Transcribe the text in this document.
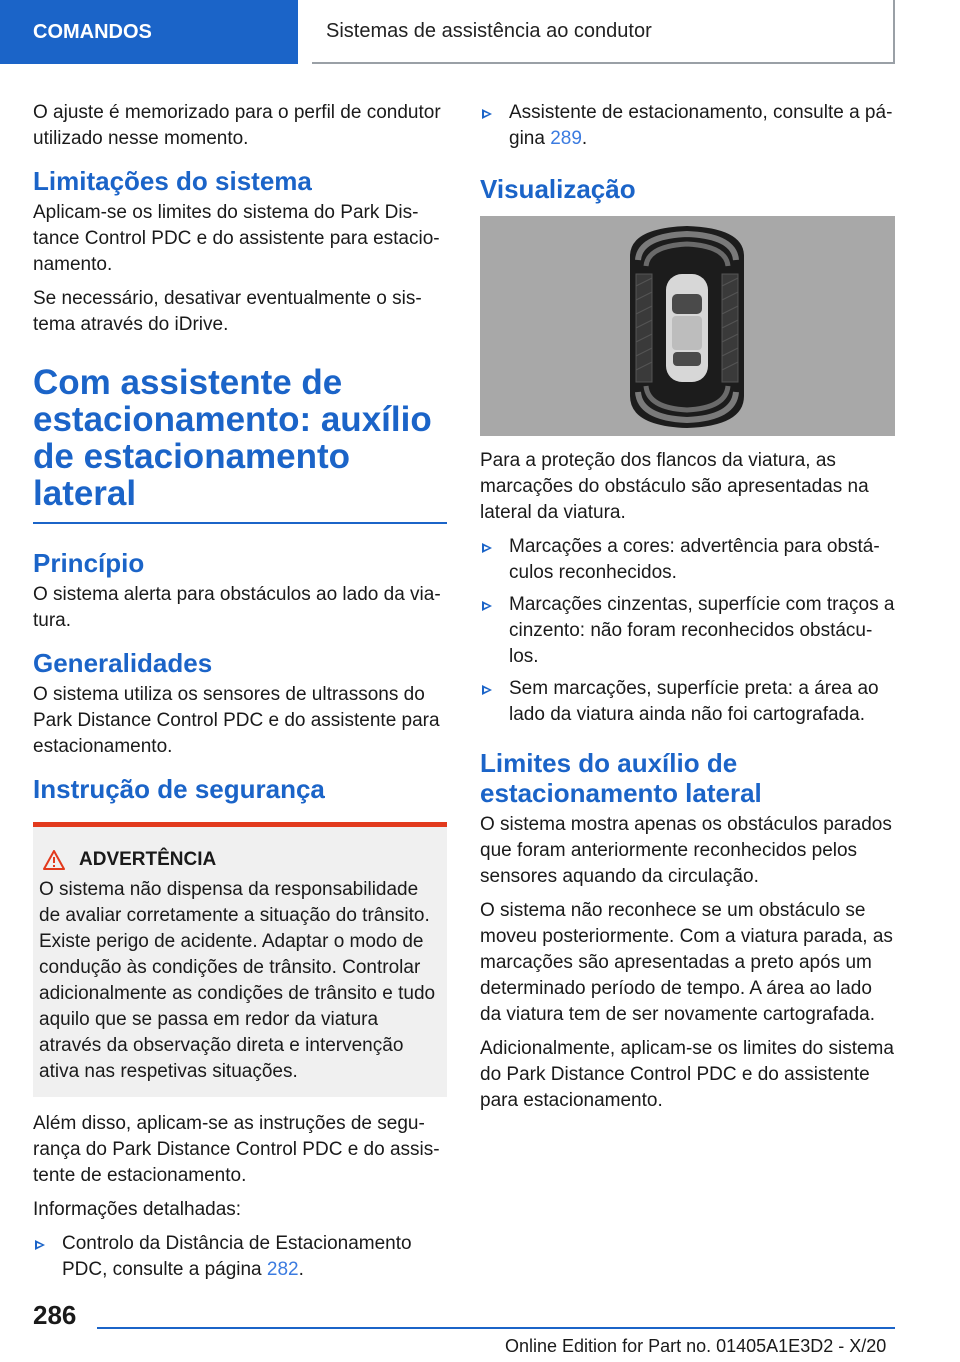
COMANDOS	Sistemas de assistência ao condutor

O ajuste é memorizado para o perfil de condutor utilizado nesse momento.

Limitações do sistema

Aplicam-se os limites do sistema do Park Distance Control PDC e do assistente para estacionamento.

Se necessário, desativar eventualmente o sistema através do iDrive.

Com assistente de estacionamento: auxílio de estacionamento lateral
Princípio

O sistema alerta para obstáculos ao lado da viatura.

Generalidades

O sistema utiliza os sensores de ultrassons do Park Distance Control PDC e do assistente para estacionamento.

Instrução de segurança
ADVERTÊNCIA

O sistema não dispensa da responsabilidade de avaliar corretamente a situação do trânsito. Existe perigo de acidente. Adaptar o modo de condução às condições de trânsito. Controlar adicionalmente as condições de trânsito e tudo aquilo que se passa em redor da viatura através da observação direta e intervenção ativa nas respetivas situações.

Além disso, aplicam-se as instruções de segurança do Park Distance Control PDC e do assistente de estacionamento.

Informações detalhadas:

Controlo da Distância de Estacionamento PDC, consulte a página 282.
Assistente de estacionamento, consulte a página 289.
Visualização

Para a proteção dos flancos da viatura, as marcações do obstáculo são apresentadas na lateral da viatura.

Marcações a cores: advertência para obstáculos reconhecidos.
Marcações cinzentas, superfície com traços a cinzento: não foram reconhecidos obstáculos.
Sem marcações, superfície preta: a área ao lado da viatura ainda não foi cartografada.
Limites do auxílio de estacionamento lateral

O sistema mostra apenas os obstáculos parados que foram anteriormente reconhecidos pelos sensores aquando da circulação.

O sistema não reconhece se um obstáculo se moveu posteriormente. Com a viatura parada, as marcações são apresentadas a preto após um determinado período de tempo. A área ao lado da viatura tem de ser novamente cartografada.

Adicionalmente, aplicam-se os limites do sistema do Park Distance Control PDC e do assistente para estacionamento.

286
Online Edition for Part no. 01405A1E3D2 - X/20
